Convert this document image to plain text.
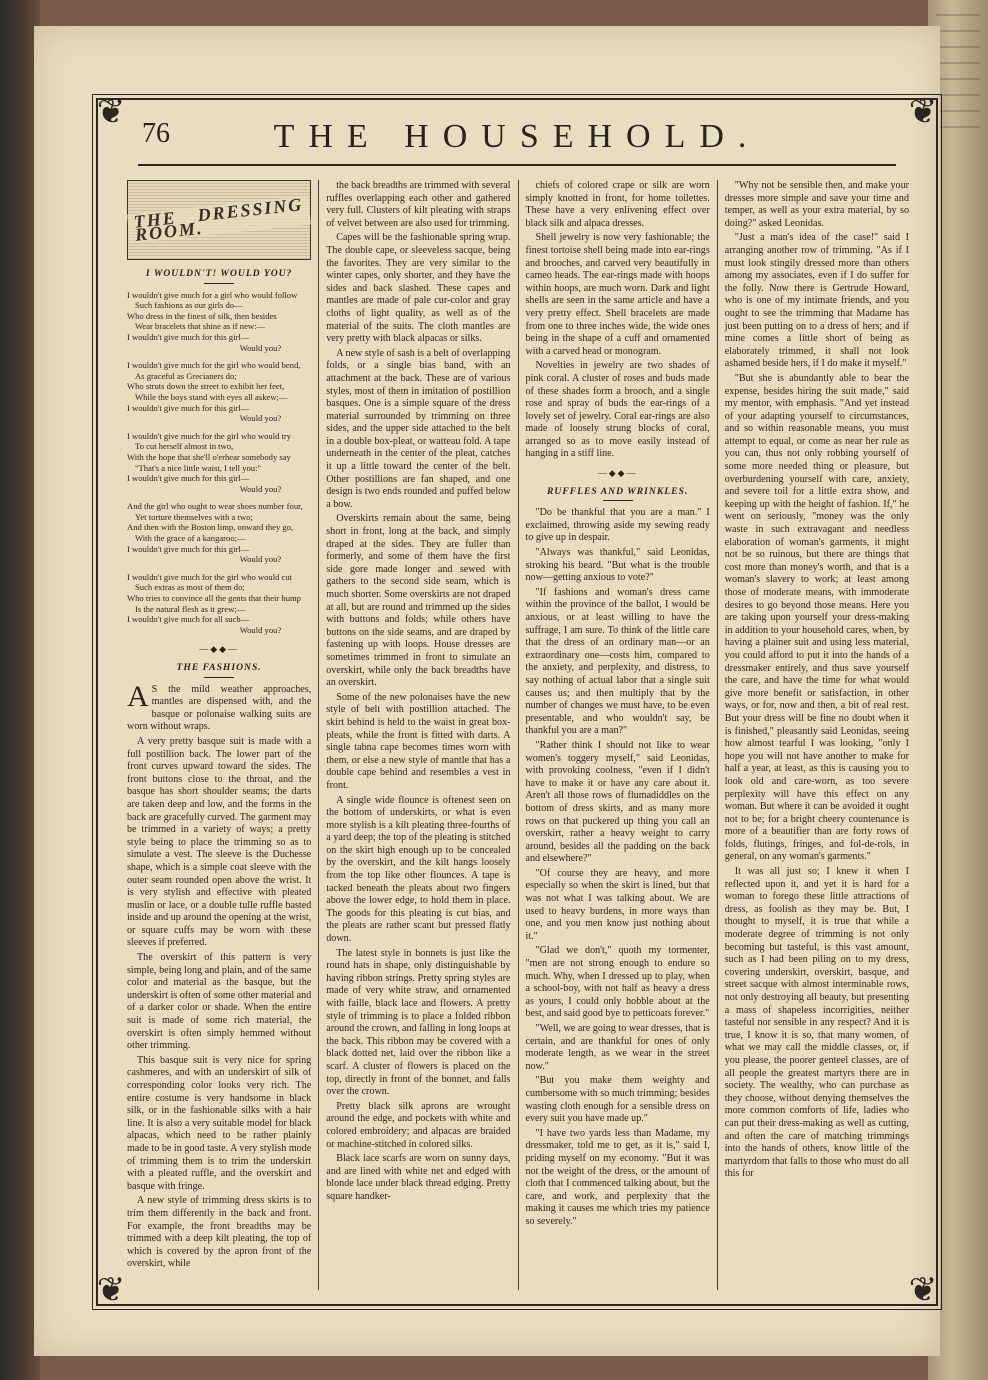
❦	❦
❦	❦
76	THE HOUSEHOLD.
THE DRESSING ROOM.
I WOULDN'T! WOULD YOU?

I wouldn't give much for a girl who would follow

Such fashions as our girls do—

Who dress in the finest of silk, then besides

Wear bracelets that shine as if new:—

I wouldn't give much for this girl—

Would you?

I wouldn't give much for the girl who would bend,

As graceful as Grecianers do;

Who struts down the street to exhibit her feet,

While the boys stand with eyes all askew;—

I wouldn't give much for this girl—

Would you?

I wouldn't give much for the girl who would try

To cut herself almost in two,

With the hope that she'll o'erhear somebody say

"That's a nice little waist, I tell you:"

I wouldn't give much for this girl—

Would you?

And the girl who ought to wear shoes number four,

Yet torture themselves with a two;

And then with the Boston limp, onward they go,

With the grace of a kangaroo;—

I wouldn't give much for this girl—

Would you?

I wouldn't give much for the girl who would cut

Such extras as most of them do;

Who tries to convince all the gents that their hump

Is the natural flesh as it grew;—

I wouldn't give much for all such—

Would you?

—◆◆—
THE FASHIONS.

A S the mild weather approaches, mantles are dispensed with, and the basque or polonaise walking suits are worn without wraps.

A very pretty basque suit is made with a full postillion back. The lower part of the front curves upward toward the sides. The front buttons close to the throat, and the basque has short shoulder seams; the darts are taken deep and low, and the forms in the back are gracefully curved. The garment may be trimmed in a variety of ways; a pretty style being to place the trimming so as to simulate a vest. The sleeve is the Duchesse shape, which is a simple coat sleeve with the outer seam rounded open above the wrist. It is very stylish and effective with pleated muslin or lace, or a double tulle ruffle basted inside and up around the opening at the wrist, or square cuffs may be worn with these sleeves if preferred.

The overskirt of this pattern is very simple, being long and plain, and of the same color and material as the basque, but the underskirt is often of some other material and of a darker color or shade. When the entire suit is made of some rich material, the overskirt is often simply hemmed without other trimming.

This basque suit is very nice for spring cashmeres, and with an underskirt of silk of corresponding color looks very rich. The entire costume is very handsome in black silk, or in the fashionable silks with a hair line. It is also a very suitable model for black alpacas, which need to be rather plainly made to be in good taste. A very stylish mode of trimming them is to trim the underskirt with a pleated ruffle, and the overskirt and basque with fringe.

A new style of trimming dress skirts is to trim them differently in the back and front. For example, the front breadths may be trimmed with a deep kilt pleating, the top of which is covered by the apron front of the overskirt, while

the back breadths are trimmed with several ruffles overlapping each other and gathered very full. Clusters of kilt pleating with straps of velvet between are also used for trimming.

Capes will be the fashionable spring wrap. The double cape, or sleeveless sacque, being the favorites. They are very similar to the winter capes, only shorter, and they have the sides and back slashed. These capes and mantles are made of pale cur-color and gray cloths of light quality, as well as of the material of the suits. The cloth mantles are very pretty with black alpacas or silks.

A new style of sash is a belt of overlapping folds, or a single bias band, with an attachment at the back. These are of various styles, most of them in imitation of postillion basques. One is a simple square of the dress material surrounded by trimming on three sides, and the upper side attached to the belt in a double box-pleat, or watteau fold. A tape underneath in the center of the pleat, catches it up a little toward the center of the belt. Other postillions are fan shaped, and one design is two ends rounded and puffed below a bow.

Overskirts remain about the same, being short in front, long at the back, and simply draped at the sides. They are fuller than formerly, and some of them have the first side gore made longer and sewed with gathers to the second side seam, which is much shorter. Some overskirts are not draped at all, but are round and trimmed up the sides with buttons and folds; while others have buttons on the side seams, and are draped by fastening up with loops. House dresses are sometimes trimmed in front to simulate an overskirt, while only the back breadths have an overskirt.

Some of the new polonaises have the new style of belt with postillion attached. The skirt behind is held to the waist in great box-pleats, while the front is fitted with darts. A single tabna cape becomes times worn with them, or else a new style of mantle that has a double cape behind and resembles a vest in front.

A single wide flounce is oftenest seen on the bottom of underskirts, or what is even more stylish is a kilt pleating three-fourths of a yard deep; the top of the pleating is stitched on the skirt high enough up to be concealed by the overskirt, and the kilt hangs loosely from the top like other flounces. A tape is tacked beneath the pleats about two fingers above the lower edge, to hold them in place. The goods for this pleating is cut bias, and the pleats are rather scant but pressed flatly down.

The latest style in bonnets is just like the round hats in shape, only distinguishable by having ribbon strings. Pretty spring styles are made of very white straw, and ornamented with faille, black lace and flowers. A pretty style of trimming is to place a folded ribbon around the crown, and falling in long loops at the back. This ribbon may be covered with a black dotted net, laid over the ribbon like a scarf. A cluster of flowers is placed on the top, directly in front of the bonnet, and falls over the crown.

Pretty black silk aprons are wrought around the edge, and pockets with white and colored embroidery; and alpacas are braided or machine-stitched in colored silks.

Black lace scarfs are worn on sunny days, and are lined with white net and edged with blonde lace under black thread edging. Pretty square handker-

chiefs of colored crape or silk are worn simply knotted in front, for home toilettes. These have a very enlivening effect over black silk and alpaca dresses.

Shell jewelry is now very fashionable; the finest tortoise shell being made into ear-rings and brooches, and carved very beautifully in cameo heads. The ear-rings made with hoops within hoops, are much worn. Dark and light shells are seen in the same article and have a very pretty effect. Shell bracelets are made from one to three inches wide, the wide ones being in the shape of a cuff and ornamented with a carved head or monogram.

Novelties in jewelry are two shades of pink coral. A cluster of roses and buds made of these shades form a brooch, and a single rose and spray of buds the ear-rings of a lovely set of jewelry. Coral ear-rings are also made of loosely strung blocks of coral, arranged so as to move easily instead of hanging in a stiff line.

—◆◆—
RUFFLES AND WRINKLES.

"Do be thankful that you are a man." I exclaimed, throwing aside my sewing ready to give up in despair.

"Always was thankful," said Leonidas, stroking his beard. "But what is the trouble now—getting anxious to vote?"

"If fashions and woman's dress came within the province of the ballot, I would be anxious, or at least willing to have the suffrage, I am sure. To think of the little care that the dress of an ordinary man—or an extraordinary one—costs him, compared to the anxiety, and perplexity, and distress, to say nothing of actual labor that a single suit causes us; and then multiply that by the number of changes we must have, to be even presentable, and who wouldn't say, be thankful you are a man?"

"Rather think I should not like to wear women's toggery myself," said Leonidas, with provoking coolness, "even if I didn't have to make it or have any care about it. Aren't all those rows of flumadiddles on the bottom of dress skirts, and as many more rows on that puckered up thing you call an overskirt, rather a heavy weight to carry around, besides all the padding on the back and elsewhere?"

"Of course they are heavy, and more especially so when the skirt is lined, but that was not what I was talking about. We are used to heavy burdens, in more ways than one, and you men know just nothing about it."

"Glad we don't," quoth my tormenter, "men are not strong enough to endure so much. Why, when I dressed up to play, when a school-boy, with not half as heavy a dress as yours, I could only hobble about at the best, and said good bye to petticoats forever."

"Well, we are going to wear dresses, that is certain, and are thankful for ones of only moderate length, as we wear in the street now."

"But you make them weighty and cumbersome with so much trimming; besides wasting cloth enough for a sensible dress on every suit you have made up."

"I have two yards less than Madame, my dressmaker, told me to get, as it is," said I, priding myself on my economy. "But it was not the weight of the dress, or the amount of cloth that I commenced talking about, but the care, and work, and perplexity that the making it causes me which tries my patience so severely."

"Why not be sensible then, and make your dresses more simple and save your time and temper, as well as your extra material, by so doing?" asked Leonidas.

"Just a man's idea of the case!" said I arranging another row of trimming. "As if I must look stingily dressed more than others among my associates, even if I do suffer for the folly. Now there is Gertrude Howard, who is one of my intimate friends, and you ought to see the trimming that Madame has just been putting on to a dress of hers; and if mine comes a little short of being as elaborately trimmed, it shall not look ashamed beside hers, if I do make it myself."

"But she is abundantly able to bear the expense, besides hiring the suit made," said my mentor, with emphasis. "And yet instead of your adapting yourself to circumstances, and so within reasonable means, you must attempt to equal, or come as near her rule as you can, thus not only robbing yourself of some more needed thing or pleasure, but overburdening yourself with care, anxiety, and severe toil for a little extra show, and keeping up with the height of fashion. If," he went on seriously, "money was the only waste in such extravagant and needless elaboration of woman's garments, it might not be so ruinous, but there are things that cost more than money's worth, and that is a woman's slavery to work; at least among those of moderate means, with immoderate desires to go beyond those means. Here you are taking upon yourself your dress-making in addition to your household cares, when, by having a plainer suit and using less material, you could afford to put it into the hands of a dressmaker entirely, and thus save yourself the care, and have the time for what would give more benefit or satisfaction, in other ways, or for, now and then, a bit of real rest. But your dress will be fine no doubt when it is finished," pleasantly said Leonidas, seeing how almost tearful I was looking, "only I hope you will not have another to make for half a year, at least, as this is causing you to look old and care-worn, as too severe perplexity will have this effect on any woman. But where it can be avoided it ought not to be; for a bright cheery countenance is more of a beautifier than are forty rows of folds, flutings, fringes, and fol-de-rols, in general, on any woman's garments."

It was all just so; I knew it when I reflected upon it, and yet it is hard for a woman to forego these little attractions of dress, as foolish as they may be. But, I thought to myself, it is true that while a moderate degree of trimming is not only becoming but tasteful, is this vast amount, such as I had been piling on to my dress, covering underskirt, overskirt, basque, and street sacque with almost interminable rows, not only destroying all beauty, but presenting a mass of shapeless incorrigities, neither tasteful nor sensible in any respect? And it is true, I know it is so, that many women, of what we may call the middle classes, or, if you please, the poorer genteel classes, are of all people the greatest martyrs there are in society. The wealthy, who can purchase as they choose, without denying themselves the more common comforts of life, ladies who can put their dress-making as well as cutting, and often the care of matching trimmings into the hands of others, know little of the martyrdom that falls to those who must do all this for
